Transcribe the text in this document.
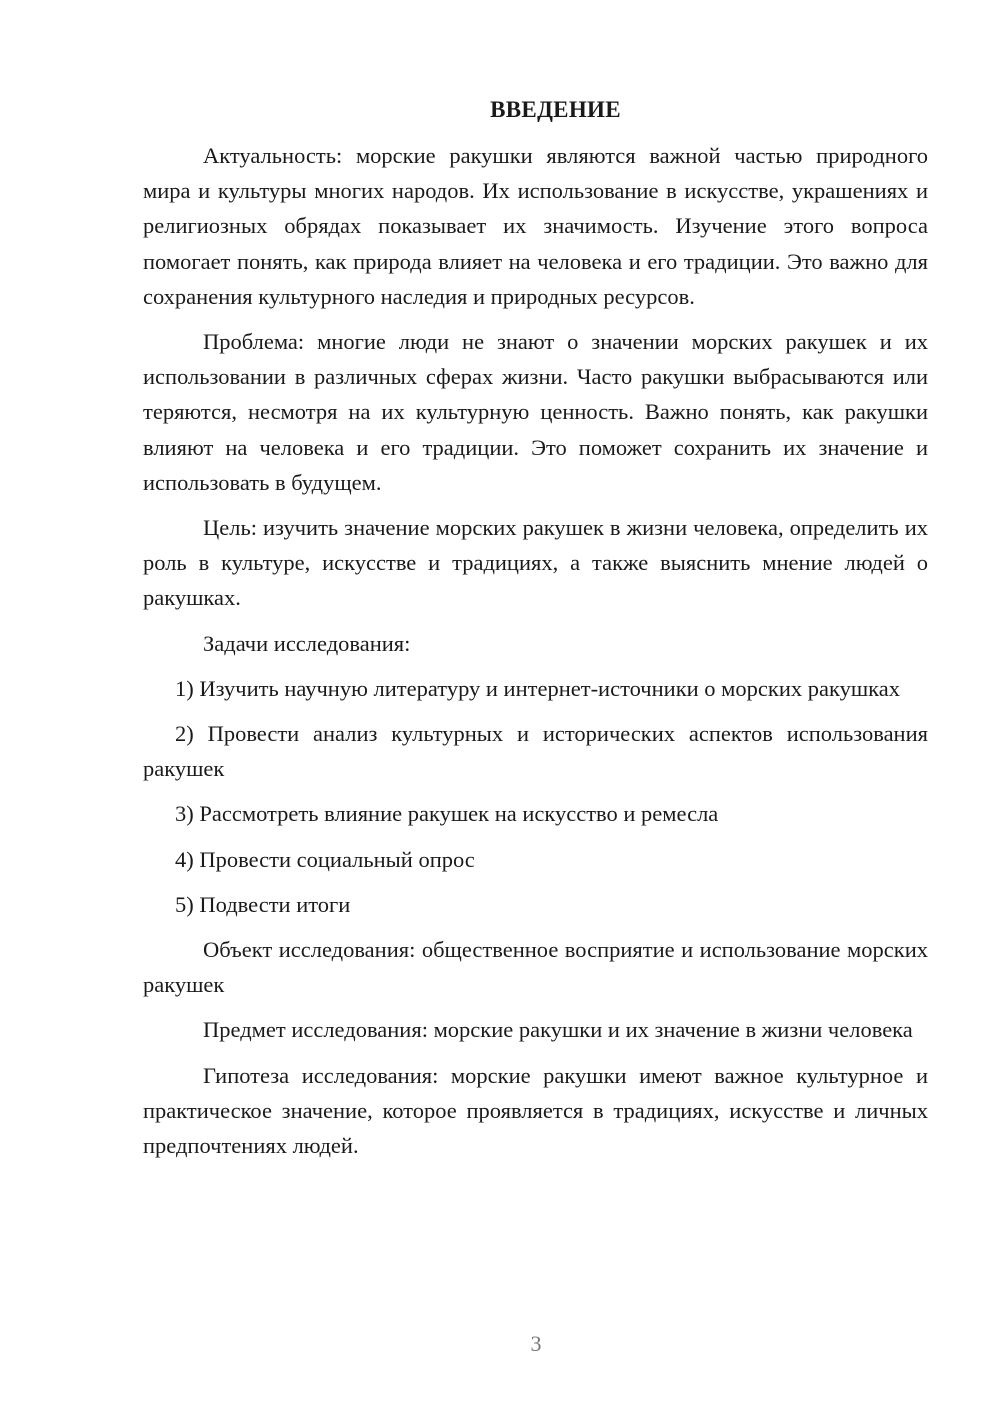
ВВЕДЕНИЕ

Актуальность: морские ракушки являются важной частью природного мира и культуры многих народов. Их использование в искусстве, украшениях и религиозных обрядах показывает их значимость. Изучение этого вопроса помогает понять, как природа влияет на человека и его традиции. Это важно для сохранения культурного наследия и природных ресурсов.

Проблема: многие люди не знают о значении морских ракушек и их использовании в различных сферах жизни. Часто ракушки выбрасываются или теряются, несмотря на их культурную ценность. Важно понять, как ракушки влияют на человека и его традиции. Это поможет сохранить их значение и использовать в будущем.

Цель: изучить значение морских ракушек в жизни человека, определить их роль в культуре, искусстве и традициях, а также выяснить мнение людей о ракушках.

Задачи исследования:

1) Изучить научную литературу и интернет-источники о морских ракушках

2) Провести анализ культурных и исторических аспектов использования ракушек

3) Рассмотреть влияние ракушек на искусство и ремесла

4) Провести социальный опрос

5) Подвести итоги

Объект исследования: общественное восприятие и использование морских ракушек

Предмет исследования: морские ракушки и их значение в жизни человека

Гипотеза исследования: морские ракушки имеют важное культурное и практическое значение, которое проявляется в традициях, искусстве и личных предпочтениях людей.

3
